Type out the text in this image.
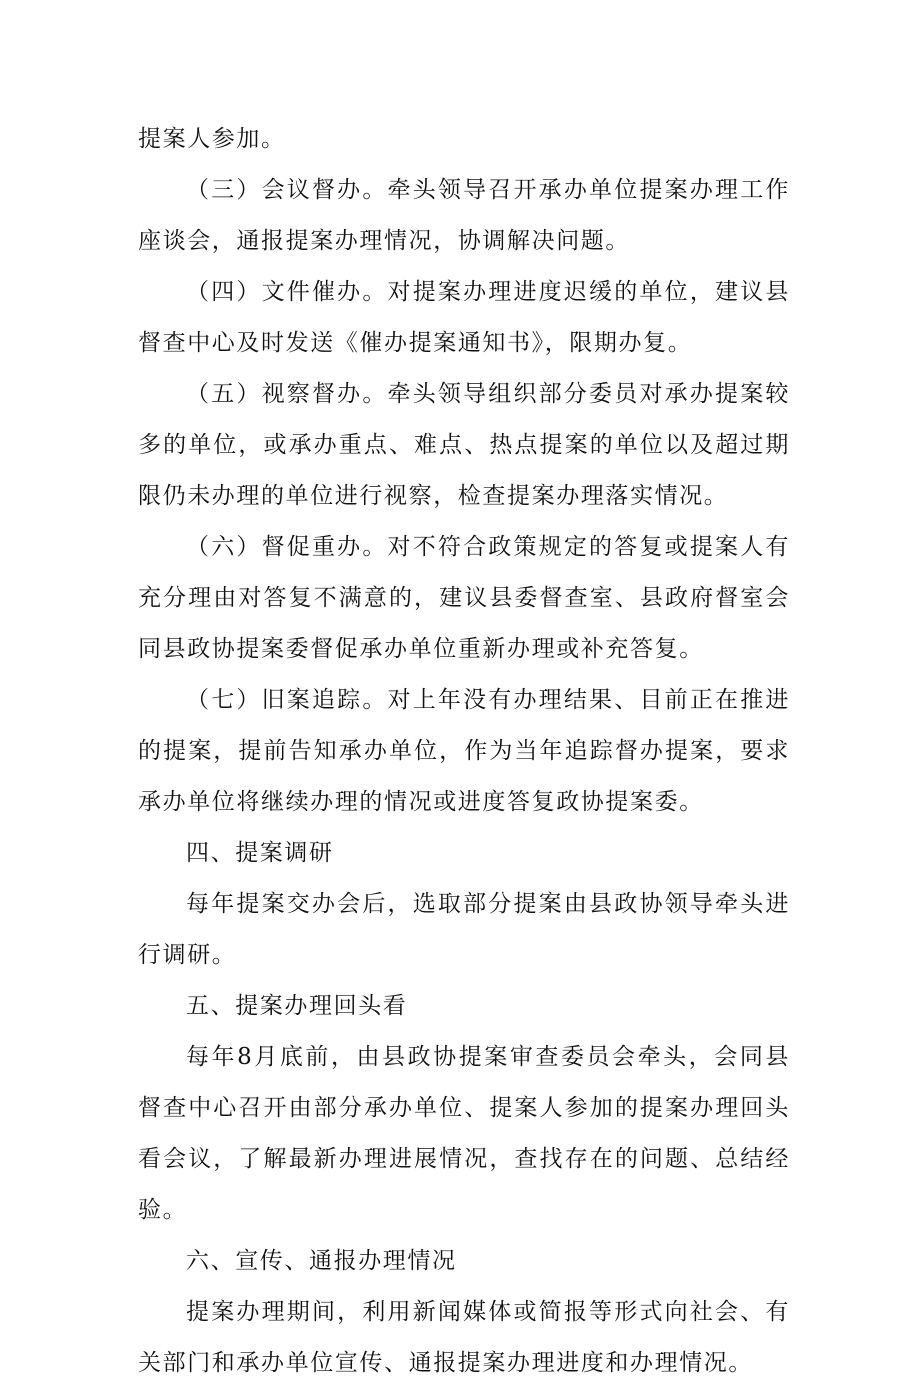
提案人参加。

（三）会议督办。牵头领导召开承办单位提案办理工作座谈会，通报提案办理情况，协调解决问题。

（四）文件催办。对提案办理进度迟缓的单位，建议县督查中心及时发送《催办提案通知书》，限期办复。

（五）视察督办。牵头领导组织部分委员对承办提案较多的单位，或承办重点、难点、热点提案的单位以及超过期限仍未办理的单位进行视察，检查提案办理落实情况。

（六）督促重办。对不符合政策规定的答复或提案人有充分理由对答复不满意的，建议县委督查室、县政府督室会同县政协提案委督促承办单位重新办理或补充答复。

（七）旧案追踪。对上年没有办理结果、目前正在推进的提案，提前告知承办单位，作为当年追踪督办提案，要求承办单位将继续办理的情况或进度答复政协提案委。

四、提案调研

每年提案交办会后，选取部分提案由县政协领导牵头进行调研。

五、提案办理回头看

每年8月底前，由县政协提案审查委员会牵头，会同县督查中心召开由部分承办单位、提案人参加的提案办理回头看会议，了解最新办理进展情况，查找存在的问题、总结经验。

六、宣传、通报办理情况

提案办理期间，利用新闻媒体或简报等形式向社会、有关部门和承办单位宣传、通报提案办理进度和办理情况。
